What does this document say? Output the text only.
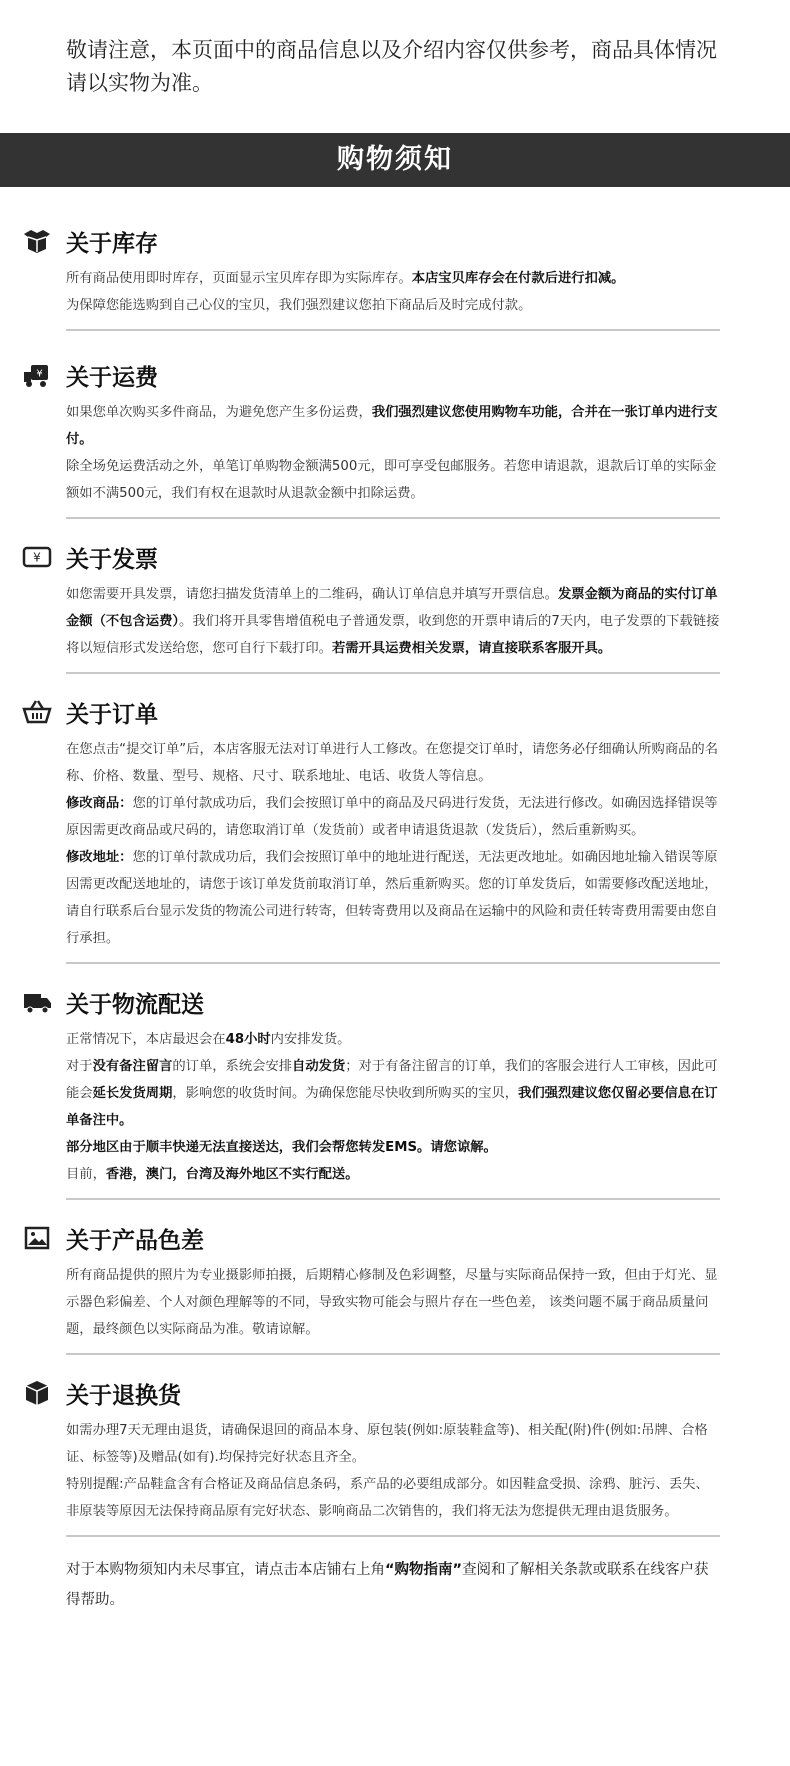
敬请注意，本页面中的商品信息以及介绍内容仅供参考，商品具体情况请以实物为准。
购物须知
关于库存

所有商品使用即时库存，页面显示宝贝库存即为实际库存。本店宝贝库存会在付款后进行扣减。

为保障您能选购到自己心仪的宝贝，我们强烈建议您拍下商品后及时完成付款。

¥ 关于运费

如果您单次购买多件商品，为避免您产生多份运费，我们强烈建议您使用购物车功能，合并在一张订单内进行支付。

除全场免运费活动之外，单笔订单购物金额满500元，即可享受包邮服务。若您申请退款，退款后订单的实际金额如不满500元，我们有权在退款时从退款金额中扣除运费。

¥ 关于发票

如您需要开具发票，请您扫描发货清单上的二维码，确认订单信息并填写开票信息。发票金额为商品的实付订单金额（不包含运费）。我们将开具零售增值税电子普通发票，收到您的开票申请后的7天内，电子发票的下载链接将以短信形式发送给您，您可自行下载打印。若需开具运费相关发票，请直接联系客服开具。

关于订单

在您点击“提交订单”后，本店客服无法对订单进行人工修改。在您提交订单时，请您务必仔细确认所购商品的名称、价格、数量、型号、规格、尺寸、联系地址、电话、收货人等信息。

修改商品：您的订单付款成功后，我们会按照订单中的商品及尺码进行发货，无法进行修改。如确因选择错误等原因需更改商品或尺码的，请您取消订单（发货前）或者申请退货退款（发货后），然后重新购买。

修改地址：您的订单付款成功后，我们会按照订单中的地址进行配送，无法更改地址。如确因地址输入错误等原因需更改配送地址的，请您于该订单发货前取消订单，然后重新购买。您的订单发货后，如需要修改配送地址，请自行联系后台显示发货的物流公司进行转寄，但转寄费用以及商品在运输中的风险和责任转寄费用需要由您自行承担。

关于物流配送

正常情况下，本店最迟会在48小时内安排发货。

对于没有备注留言的订单，系统会安排自动发货；对于有备注留言的订单，我们的客服会进行人工审核，因此可能会延长发货周期，影响您的收货时间。为确保您能尽快收到所购买的宝贝，我们强烈建议您仅留必要信息在订单备注中。

部分地区由于顺丰快递无法直接送达，我们会帮您转发EMS。请您谅解。

目前，香港，澳门，台湾及海外地区不实行配送。

关于产品色差

所有商品提供的照片为专业摄影师拍摄，后期精心修制及色彩调整，尽量与实际商品保持一致，但由于灯光、显示器色彩偏差、个人对颜色理解等的不同，导致实物可能会与照片存在一些色差， 该类问题不属于商品质量问题，最终颜色以实际商品为准。敬请谅解。

关于退换货

如需办理7天无理由退货，请确保退回的商品本身、原包装(例如:原装鞋盒等)、相关配(附)件(例如:吊牌、合格证、标签等)及赠品(如有).均保持完好状态且齐全。

特别提醒:产品鞋盒含有合格证及商品信息条码，系产品的必要组成部分。如因鞋盒受损、涂鸦、脏污、丢失、非原装等原因无法保持商品原有完好状态、影响商品二次销售的，我们将无法为您提供无理由退货服务。

对于本购物须知内未尽事宜，请点击本店铺右上角“购物指南”查阅和了解相关条款或联系在线客户获得帮助。
